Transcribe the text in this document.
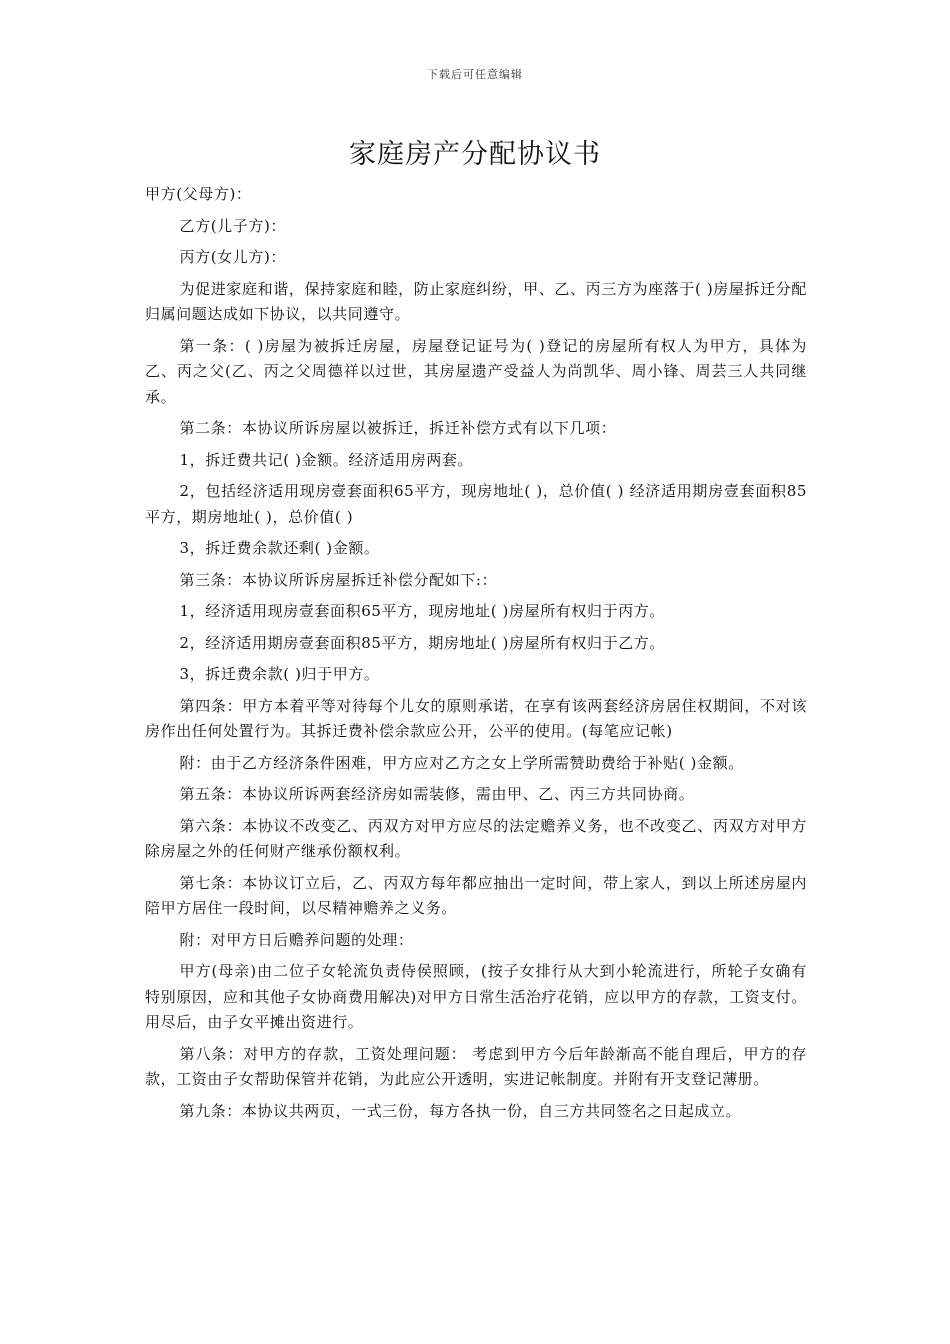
下载后可任意编辑
家庭房产分配协议书

甲方(父母方)：

乙方(儿子方)：

丙方(女儿方)：

为促进家庭和谐，保持家庭和睦，防止家庭纠纷，甲、乙、丙三方为座落于( )房屋拆迁分配归属问题达成如下协议，以共同遵守。

第一条：( )房屋为被拆迁房屋，房屋登记证号为( )登记的房屋所有权人为甲方，具体为乙、丙之父(乙、丙之父周德祥以过世，其房屋遗产受益人为尚凯华、周小锋、周芸三人共同继承。

第二条：本协议所诉房屋以被拆迁，拆迁补偿方式有以下几项：

1，拆迁费共记( )金额。经济适用房两套。

2，包括经济适用现房壹套面积65平方，现房地址( )，总价值( ) 经济适用期房壹套面积85平方，期房地址( )，总价值( )

3，拆迁费余款还剩( )金额。

第三条：本协议所诉房屋拆迁补偿分配如下:：

1，经济适用现房壹套面积65平方，现房地址( )房屋所有权归于丙方。

2，经济适用期房壹套面积85平方，期房地址( )房屋所有权归于乙方。

3，拆迁费余款( )归于甲方。

第四条：甲方本着平等对待每个儿女的原则承诺，在享有该两套经济房居住权期间，不对该房作出任何处置行为。其拆迁费补偿余款应公开，公平的使用。(每笔应记帐)

附：由于乙方经济条件困难，甲方应对乙方之女上学所需赞助费给于补贴( )金额。

第五条：本协议所诉两套经济房如需装修，需由甲、乙、丙三方共同协商。

第六条：本协议不改变乙、丙双方对甲方应尽的法定赡养义务，也不改变乙、丙双方对甲方除房屋之外的任何财产继承份额权利。

第七条：本协议订立后，乙、丙双方每年都应抽出一定时间，带上家人，到以上所述房屋内陪甲方居住一段时间，以尽精神赡养之义务。

附：对甲方日后赡养问题的处理：

甲方(母亲)由二位子女轮流负责侍侯照顾，(按子女排行从大到小轮流进行，所轮子女确有特别原因，应和其他子女协商费用解决)对甲方日常生活治疗花销，应以甲方的存款，工资支付。用尽后，由子女平摊出资进行。

第八条：对甲方的存款，工资处理问题： 考虑到甲方今后年龄渐高不能自理后，甲方的存款，工资由子女帮助保管并花销，为此应公开透明，实进记帐制度。并附有开支登记薄册。

第九条：本协议共两页，一式三份，每方各执一份，自三方共同签名之日起成立。
